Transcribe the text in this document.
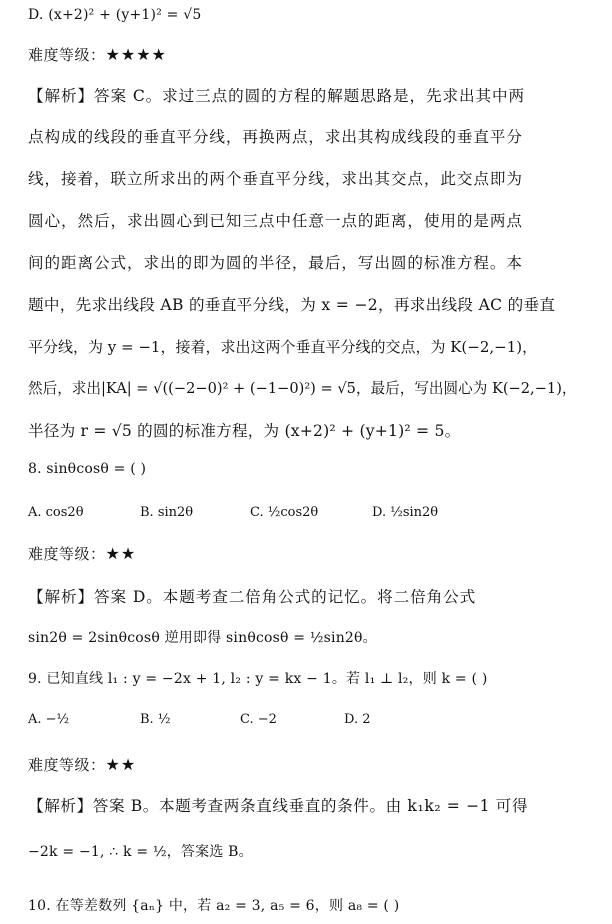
D. (x+2)² + (y+1)² = √5
难度等级：★★★★
【解析】答案 C。求过三点的圆的方程的解题思路是，先求出其中两
点构成的线段的垂直平分线，再换两点，求出其构成线段的垂直平分
线，接着，联立所求出的两个垂直平分线，求出其交点，此交点即为
圆心，然后，求出圆心到已知三点中任意一点的距离，使用的是两点
间的距离公式，求出的即为圆的半径，最后，写出圆的标准方程。本
题中，先求出线段 AB 的垂直平分线，为 x = −2，再求出线段 AC 的垂直
平分线，为 y = −1，接着，求出这两个垂直平分线的交点，为 K(−2,−1)，
然后，求出|KA| = √((−2−0)² + (−1−0)²) = √5，最后，写出圆心为 K(−2,−1)，
半径为 r = √5 的圆的标准方程，为 (x+2)² + (y+1)² = 5。
8. sinθcosθ = ( )
A. cos2θ	B. sin2θ	C. ½cos2θ	D. ½sin2θ
难度等级：★★
【解析】答案 D。本题考查二倍角公式的记忆。将二倍角公式
sin2θ = 2sinθcosθ 逆用即得 sinθcosθ = ½sin2θ。
9. 已知直线 l₁ : y = −2x + 1, l₂ : y = kx − 1。若 l₁ ⊥ l₂，则 k = ( )
A. −½	B. ½	C. −2	D. 2
难度等级：★★
【解析】答案 B。本题考查两条直线垂直的条件。由 k₁k₂ = −1 可得
−2k = −1, ∴ k = ½，答案选 B。
10. 在等差数列 {aₙ} 中，若 a₂ = 3, a₅ = 6，则 a₈ = ( )
